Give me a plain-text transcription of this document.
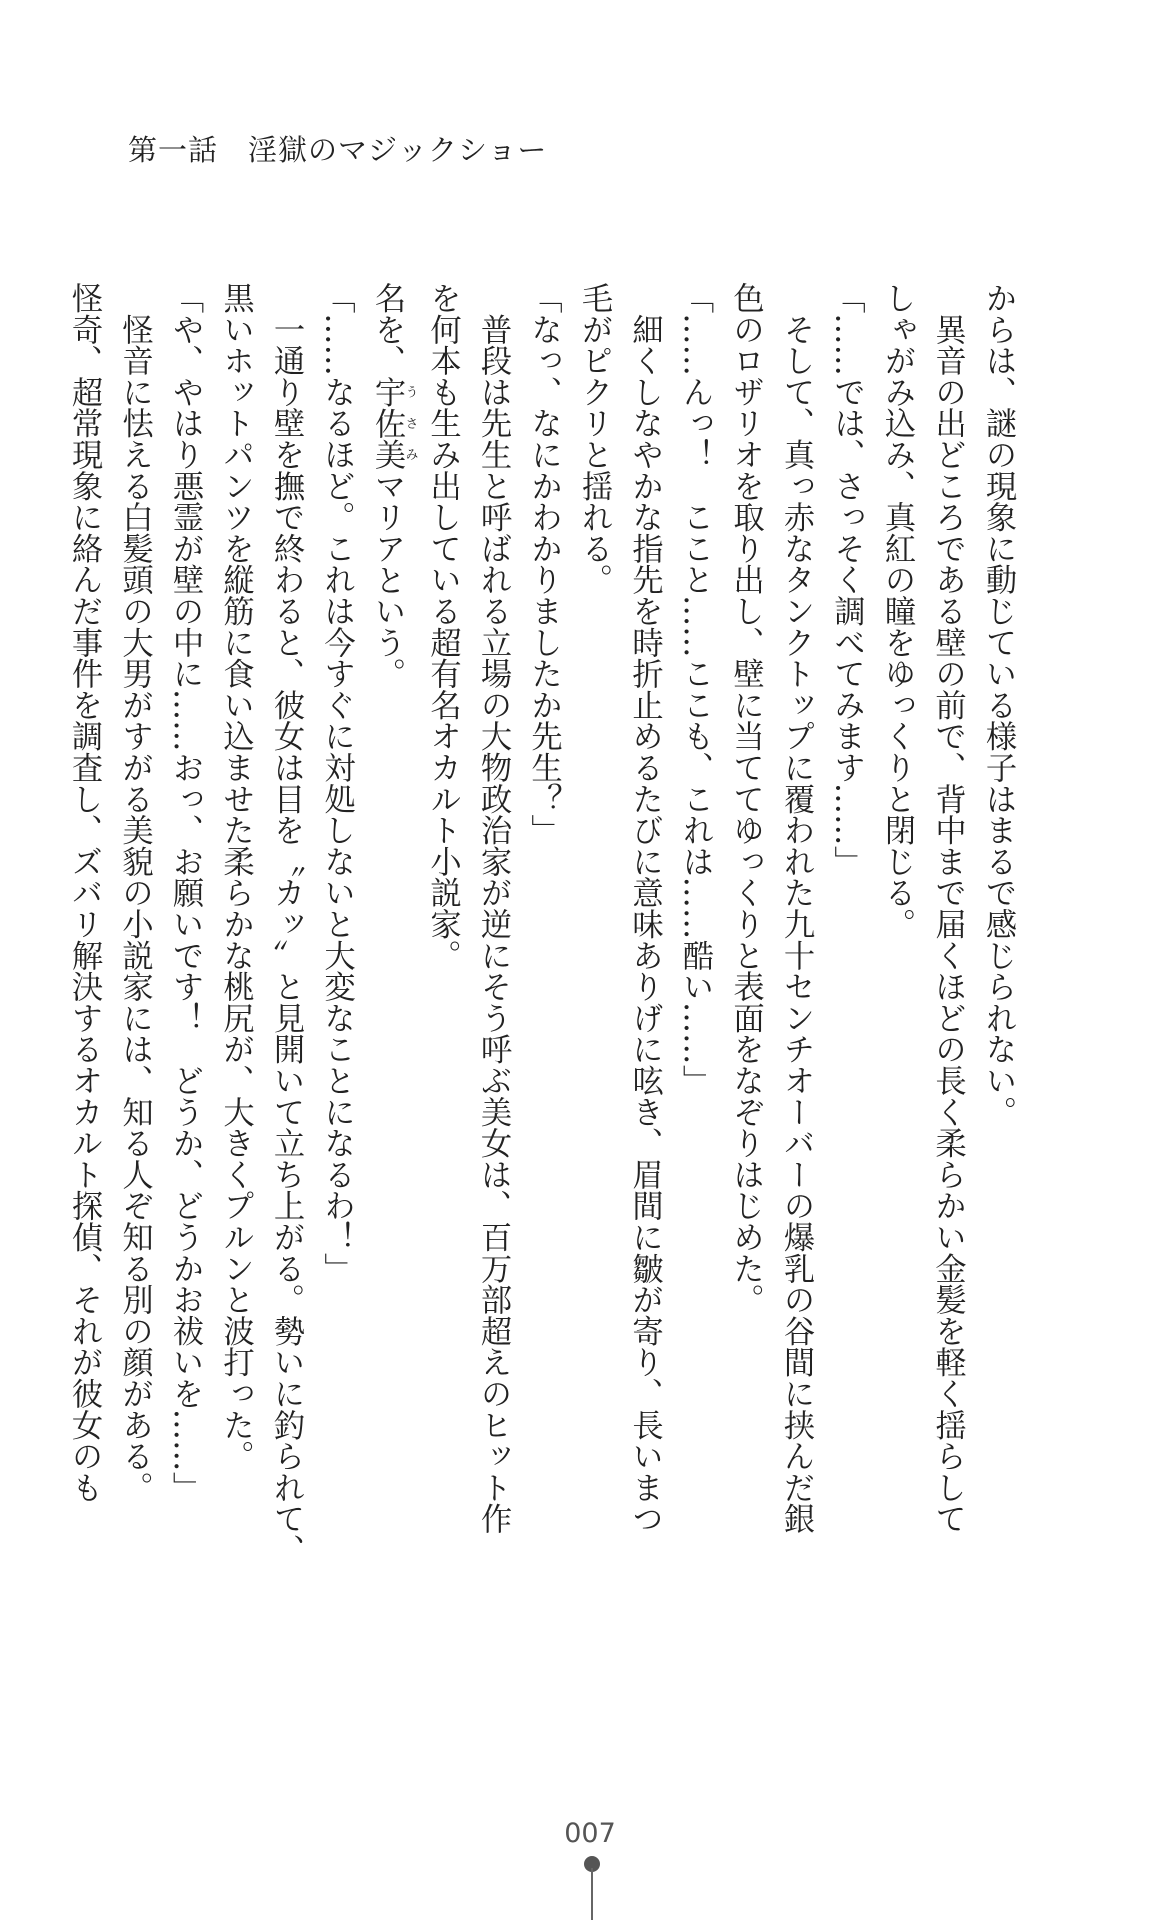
第一話　淫獄のマジックショー
からは、謎の現象に動じている様子はまるで感じられない。
　異音の出どころである壁の前で、背中まで届くほどの長く柔らかい金髪を軽く揺らして
しゃがみ込み、真紅の瞳をゆっくりと閉じる。
「……では、さっそく調べてみます……」
　そして、真っ赤なタンクトップに覆われた九十センチオーバーの爆乳の谷間に挟んだ銀
色のロザリオを取り出し、壁に当ててゆっくりと表面をなぞりはじめた。
「……んっ！　ここと……ここも、これは……酷い……」
　細くしなやかな指先を時折止めるたびに意味ありげに呟き、眉間に皺が寄り、長いまつ
毛がピクリと揺れる。
「なっ、なにかわかりましたか先生？」
　普段は先生と呼ばれる立場の大物政治家が逆にそう呼ぶ美女は、百万部超えのヒット作
を何本も生み出している超有名オカルト小説家。
名を、宇佐美うさみマリアという。
「……なるほど。これは今すぐに対処しないと大変なことになるわ！」
　一通り壁を撫で終わると、彼女は目を〝カッ〟と見開いて立ち上がる。勢いに釣られて、
黒いホットパンツを縦筋に食い込ませた柔らかな桃尻が、大きくプルンと波打った。
「や、やはり悪霊が壁の中に……おっ、お願いです！　どうか、どうかお祓いを……」
　怪音に怯える白髪頭の大男がすがる美貌の小説家には、知る人ぞ知る別の顔がある。
怪奇、超常現象に絡んだ事件を調査し、ズバリ解決するオカルト探偵、それが彼女のも
007
